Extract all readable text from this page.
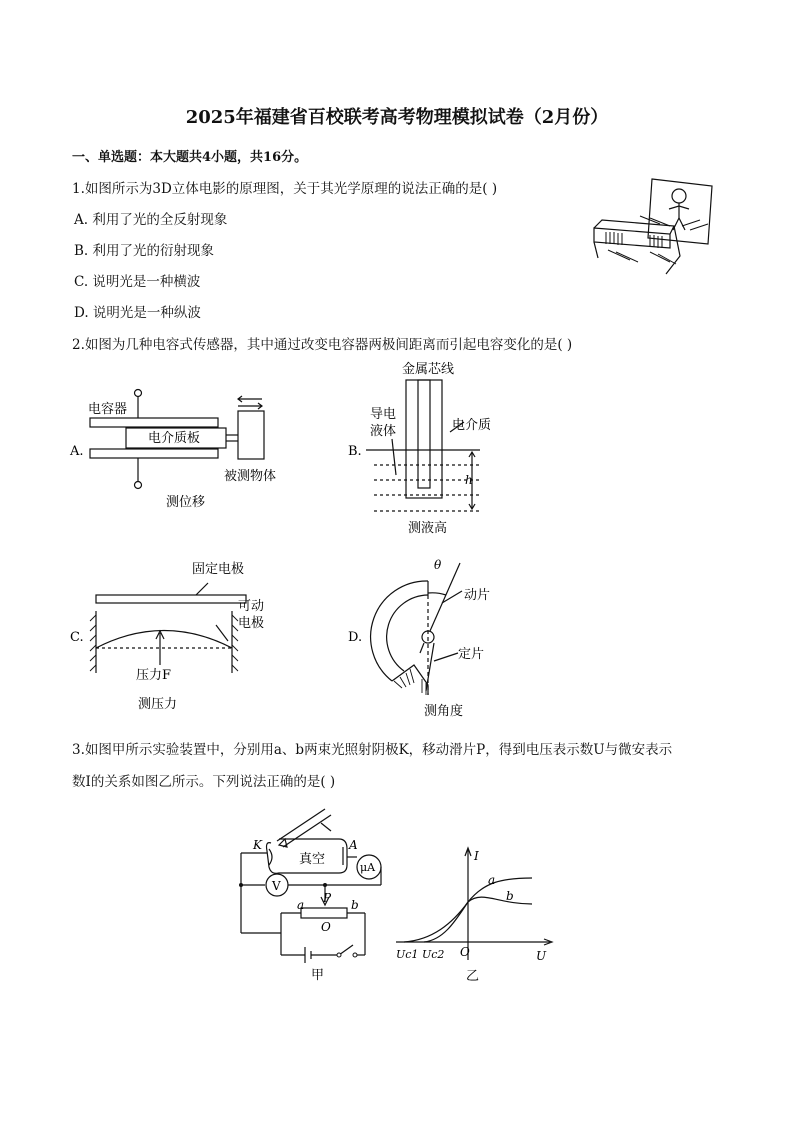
2025年福建省百校联考高考物理模拟试卷（2月份）
一、单选题：本大题共4小题，共16分。
1.如图所示为3D立体电影的原理图，关于其光学原理的说法正确的是( )
A. 利用了光的全反射现象
B. 利用了光的衍射现象
C. 说明光是一种横波
D. 说明光是一种纵波
2.如图为几种电容式传感器，其中通过改变电容器两极间距离而引起电容变化的是( )
电容器
电介质板
被测物体
A.
测位移
金属芯线
导电
液体	电介质
h
B.
测液高
固定电极
可动
电极
压力F
C.
测压力
θ
动片
定片
D.
测角度
3.如图甲所示实验装置中，分别用a、b两束光照射阴极K，移动滑片P，得到电压表示数U与微安表示
数I的关系如图乙所示。下列说法正确的是( )
K	A
真空
μA
V
a P b
O
甲
I
U
O
Uc1 Uc2
a
b
乙
